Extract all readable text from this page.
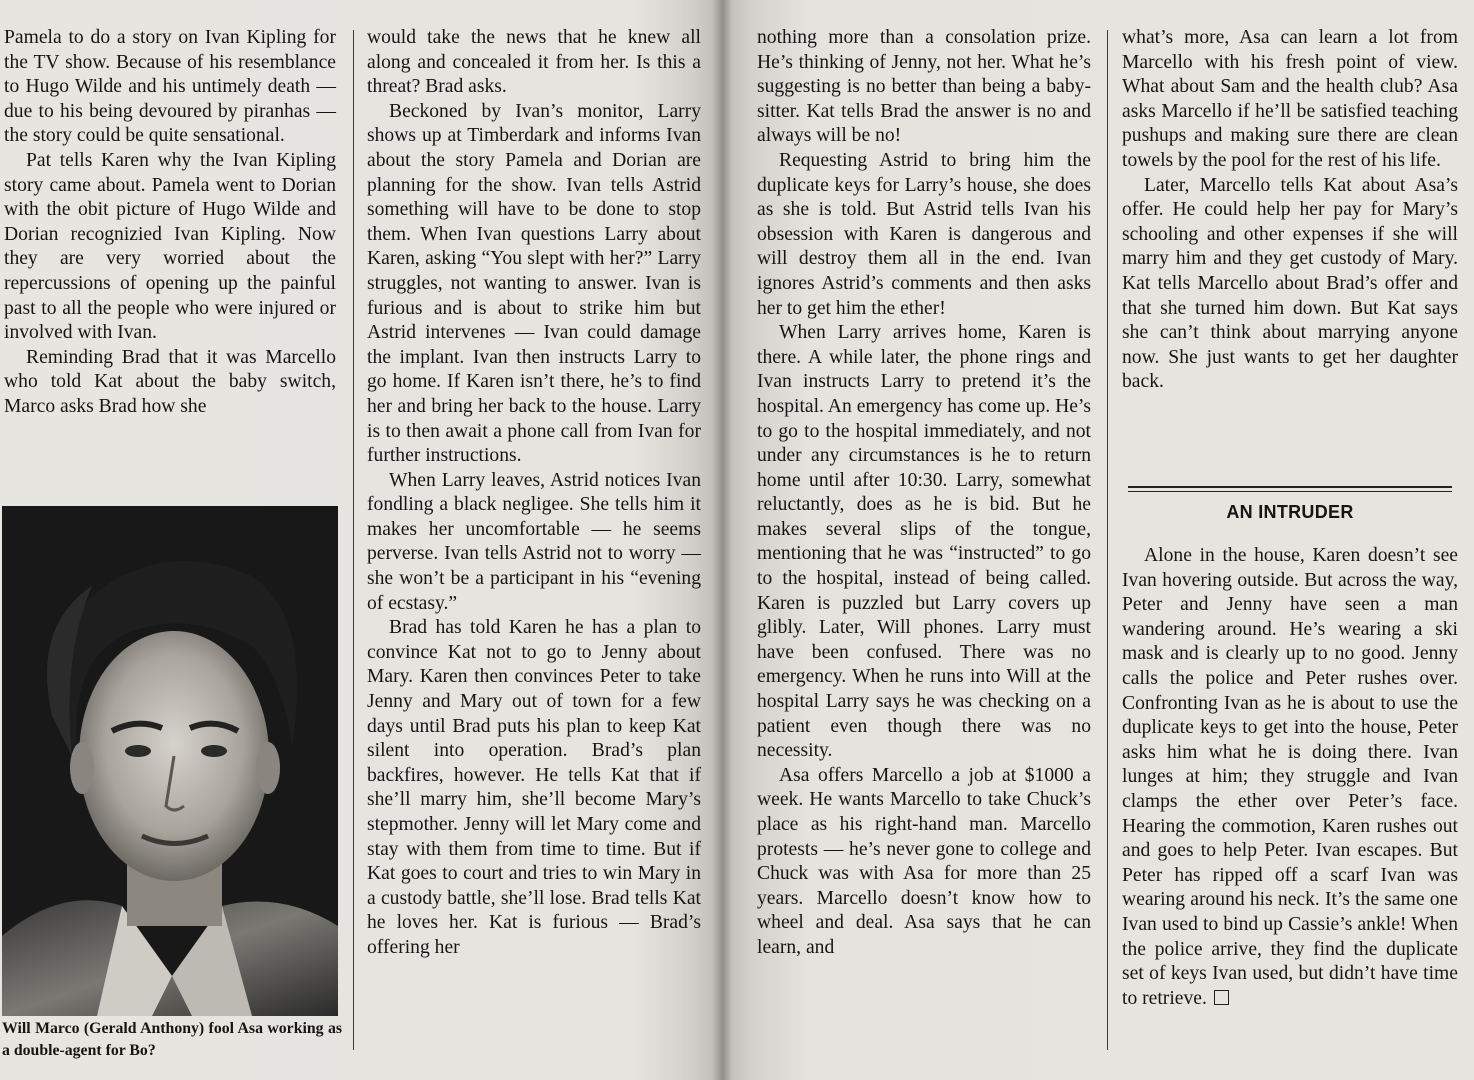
Pamela to do a story on Ivan Kipling for the TV show. Because of his resemblance to Hugo Wilde and his untimely death — due to his being devoured by piranhas — the story could be quite sensational.

Pat tells Karen why the Ivan Kipling story came about. Pamela went to Dorian with the obit picture of Hugo Wilde and Dorian recognizied Ivan Kipling. Now they are very worried about the repercussions of opening up the painful past to all the people who were injured or involved with Ivan.

Reminding Brad that it was Marcello who told Kat about the baby switch, Marco asks Brad how she

Will Marco (Gerald Anthony) fool Asa working as a double-agent for Bo?

would take the news that he knew all along and concealed it from her. Is this a threat? Brad asks.

Beckoned by Ivan’s monitor, Larry shows up at Timberdark and informs Ivan about the story Pamela and Dorian are planning for the show. Ivan tells Astrid something will have to be done to stop them. When Ivan questions Larry about Karen, asking “You slept with her?” Larry struggles, not wanting to answer. Ivan is furious and is about to strike him but Astrid intervenes — Ivan could damage the implant. Ivan then instructs Larry to go home. If Karen isn’t there, he’s to find her and bring her back to the house. Larry is to then await a phone call from Ivan for further instructions.

When Larry leaves, Astrid notices Ivan fondling a black negligee. She tells him it makes her uncomfortable — he seems perverse. Ivan tells Astrid not to worry — she won’t be a participant in his “evening of ecstasy.”

Brad has told Karen he has a plan to convince Kat not to go to Jenny about Mary. Karen then convinces Peter to take Jenny and Mary out of town for a few days until Brad puts his plan to keep Kat silent into operation. Brad’s plan backfires, however. He tells Kat that if she’ll marry him, she’ll become Mary’s stepmother. Jenny will let Mary come and stay with them from time to time. But if Kat goes to court and tries to win Mary in a custody battle, she’ll lose. Brad tells Kat he loves her. Kat is furious — Brad’s offering her

nothing more than a consolation prize. He’s thinking of Jenny, not her. What he’s suggesting is no better than being a baby-sitter. Kat tells Brad the answer is no and always will be no!

Requesting Astrid to bring him the duplicate keys for Larry’s house, she does as she is told. But Astrid tells Ivan his obsession with Karen is dangerous and will destroy them all in the end. Ivan ignores Astrid’s comments and then asks her to get him the ether!

When Larry arrives home, Karen is there. A while later, the phone rings and Ivan instructs Larry to pretend it’s the hospital. An emergency has come up. He’s to go to the hospital immediately, and not under any circumstances is he to return home until after 10:30. Larry, somewhat reluctantly, does as he is bid. But he makes several slips of the tongue, mentioning that he was “instructed” to go to the hospital, instead of being called. Karen is puzzled but Larry covers up glibly. Later, Will phones. Larry must have been confused. There was no emergency. When he runs into Will at the hospital Larry says he was checking on a patient even though there was no necessity.

Asa offers Marcello a job at $1000 a week. He wants Marcello to take Chuck’s place as his right-hand man. Marcello protests — he’s never gone to college and Chuck was with Asa for more than 25 years. Marcello doesn’t know how to wheel and deal. Asa says that he can learn, and

what’s more, Asa can learn a lot from Marcello with his fresh point of view. What about Sam and the health club? Asa asks Marcello if he’ll be satisfied teaching pushups and making sure there are clean towels by the pool for the rest of his life.

Later, Marcello tells Kat about Asa’s offer. He could help her pay for Mary’s schooling and other expenses if she will marry him and they get custody of Mary. Kat tells Marcello about Brad’s offer and that she turned him down. But Kat says she can’t think about marrying anyone now. She just wants to get her daughter back.

AN INTRUDER

Alone in the house, Karen doesn’t see Ivan hovering outside. But across the way, Peter and Jenny have seen a man wandering around. He’s wearing a ski mask and is clearly up to no good. Jenny calls the police and Peter rushes over. Confronting Ivan as he is about to use the duplicate keys to get into the house, Peter asks him what he is doing there. Ivan lunges at him; they struggle and Ivan clamps the ether over Peter’s face. Hearing the commotion, Karen rushes out and goes to help Peter. Ivan escapes. But Peter has ripped off a scarf Ivan was wearing around his neck. It’s the same one Ivan used to bind up Cassie’s ankle! When the police arrive, they find the duplicate set of keys Ivan used, but didn’t have time to retrieve.
